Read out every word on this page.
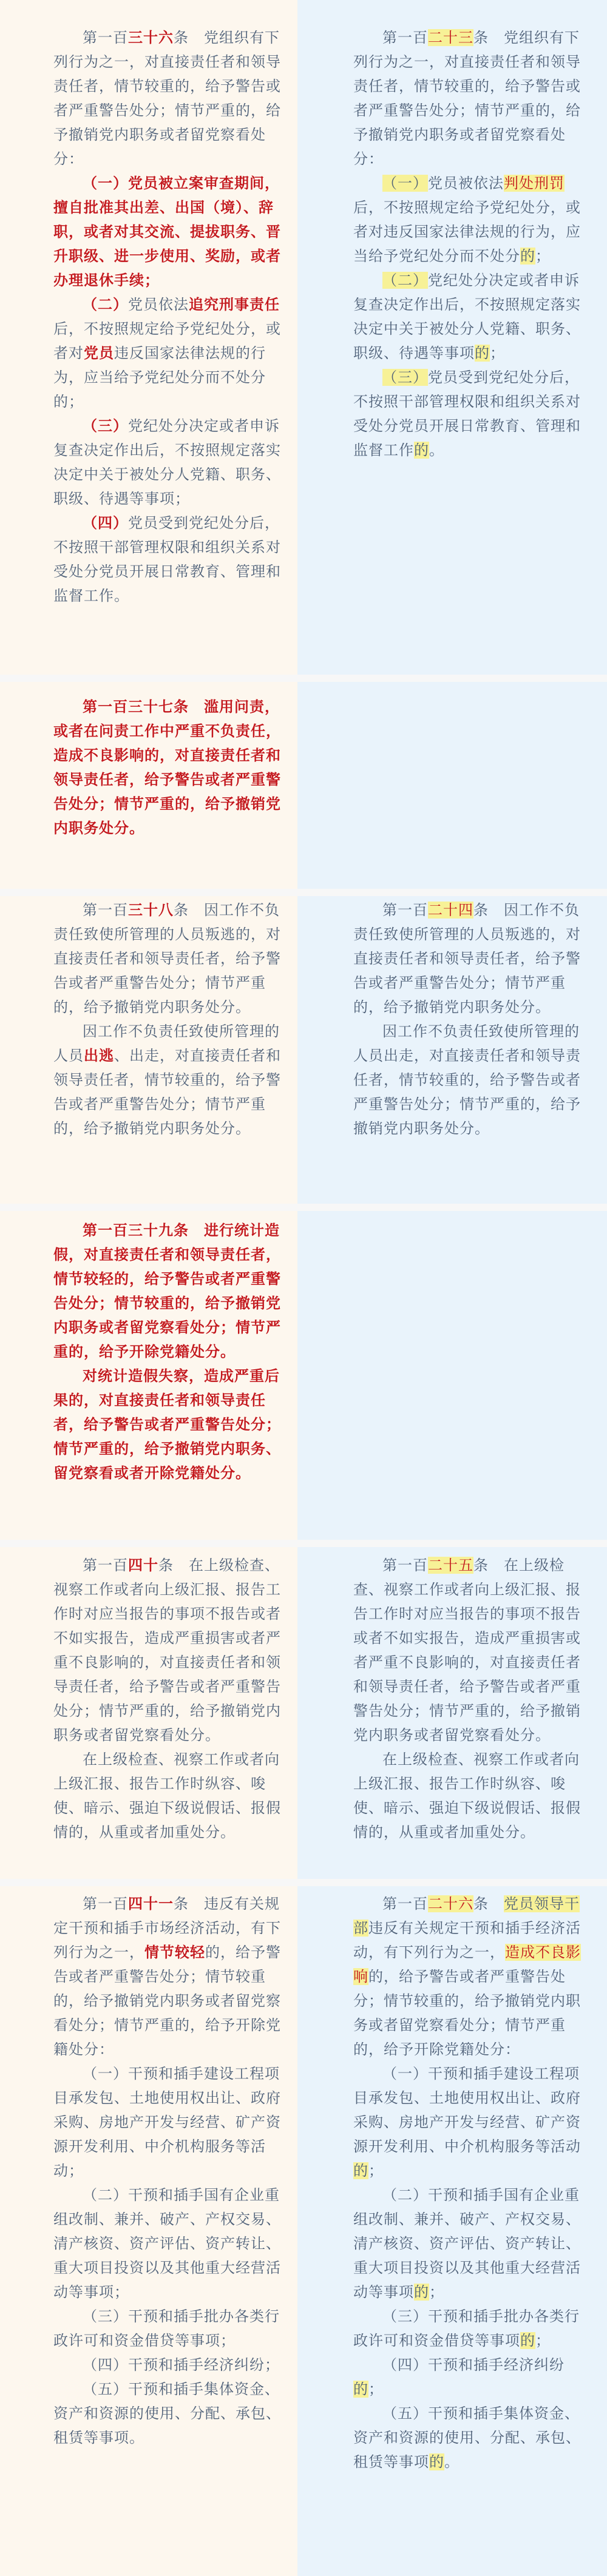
第一百三十六条　党组织有下列行为之一，对直接责任者和领导责任者，情节较重的，给予警告或者严重警告处分；情节严重的，给予撤销党内职务或者留党察看处分：

（一）党员被立案审查期间，擅自批准其出差、出国（境）、辞职，或者对其交流、提拔职务、晋升职级、进一步使用、奖励，或者办理退休手续；

（二）党员依法追究刑事责任后，不按照规定给予党纪处分，或者对党员违反国家法律法规的行为，应当给予党纪处分而不处分的；

（三）党纪处分决定或者申诉复查决定作出后，不按照规定落实决定中关于被处分人党籍、职务、职级、待遇等事项；

（四）党员受到党纪处分后，不按照干部管理权限和组织关系对受处分党员开展日常教育、管理和监督工作。

第一百二十三条　党组织有下列行为之一，对直接责任者和领导责任者，情节较重的，给予警告或者严重警告处分；情节严重的，给予撤销党内职务或者留党察看处分：

（一）党员被依法判处刑罚后，不按照规定给予党纪处分，或者对违反国家法律法规的行为，应当给予党纪处分而不处分的；

（二）党纪处分决定或者申诉复查决定作出后，不按照规定落实决定中关于被处分人党籍、职务、职级、待遇等事项的；

（三）党员受到党纪处分后，不按照干部管理权限和组织关系对受处分党员开展日常教育、管理和监督工作的。

第一百三十七条　滥用问责，或者在问责工作中严重不负责任，造成不良影响的，对直接责任者和领导责任者，给予警告或者严重警告处分；情节严重的，给予撤销党内职务处分。

第一百三十八条　因工作不负责任致使所管理的人员叛逃的，对直接责任者和领导责任者，给予警告或者严重警告处分；情节严重的，给予撤销党内职务处分。

因工作不负责任致使所管理的人员出逃、出走，对直接责任者和领导责任者，情节较重的，给予警告或者严重警告处分；情节严重的，给予撤销党内职务处分。

第一百二十四条　因工作不负责任致使所管理的人员叛逃的，对直接责任者和领导责任者，给予警告或者严重警告处分；情节严重的，给予撤销党内职务处分。

因工作不负责任致使所管理的人员出走，对直接责任者和领导责任者，情节较重的，给予警告或者严重警告处分；情节严重的，给予撤销党内职务处分。

第一百三十九条　进行统计造假，对直接责任者和领导责任者，情节较轻的，给予警告或者严重警告处分；情节较重的，给予撤销党内职务或者留党察看处分；情节严重的，给予开除党籍处分。

对统计造假失察，造成严重后果的，对直接责任者和领导责任者，给予警告或者严重警告处分；情节严重的，给予撤销党内职务、留党察看或者开除党籍处分。

第一百四十条　在上级检查、视察工作或者向上级汇报、报告工作时对应当报告的事项不报告或者不如实报告，造成严重损害或者严重不良影响的，对直接责任者和领导责任者，给予警告或者严重警告处分；情节严重的，给予撤销党内职务或者留党察看处分。

在上级检查、视察工作或者向上级汇报、报告工作时纵容、唆使、暗示、强迫下级说假话、报假情的，从重或者加重处分。

第一百二十五条　在上级检查、视察工作或者向上级汇报、报告工作时对应当报告的事项不报告或者不如实报告，造成严重损害或者严重不良影响的，对直接责任者和领导责任者，给予警告或者严重警告处分；情节严重的，给予撤销党内职务或者留党察看处分。

在上级检查、视察工作或者向上级汇报、报告工作时纵容、唆使、暗示、强迫下级说假话、报假情的，从重或者加重处分。

第一百四十一条　违反有关规定干预和插手市场经济活动，有下列行为之一，情节较轻的，给予警告或者严重警告处分；情节较重的，给予撤销党内职务或者留党察看处分；情节严重的，给予开除党籍处分：

（一）干预和插手建设工程项目承发包、土地使用权出让、政府采购、房地产开发与经营、矿产资源开发利用、中介机构服务等活动；

（二）干预和插手国有企业重组改制、兼并、破产、产权交易、清产核资、资产评估、资产转让、重大项目投资以及其他重大经营活动等事项；

（三）干预和插手批办各类行政许可和资金借贷等事项；

（四）干预和插手经济纠纷；

（五）干预和插手集体资金、资产和资源的使用、分配、承包、租赁等事项。

第一百二十六条　党员领导干部违反有关规定干预和插手经济活动，有下列行为之一，造成不良影响的，给予警告或者严重警告处分；情节较重的，给予撤销党内职务或者留党察看处分；情节严重的，给予开除党籍处分：

（一）干预和插手建设工程项目承发包、土地使用权出让、政府采购、房地产开发与经营、矿产资源开发利用、中介机构服务等活动的；

（二）干预和插手国有企业重组改制、兼并、破产、产权交易、清产核资、资产评估、资产转让、重大项目投资以及其他重大经营活动等事项的；

（三）干预和插手批办各类行政许可和资金借贷等事项的；

（四）干预和插手经济纠纷的；

（五）干预和插手集体资金、资产和资源的使用、分配、承包、租赁等事项的。
